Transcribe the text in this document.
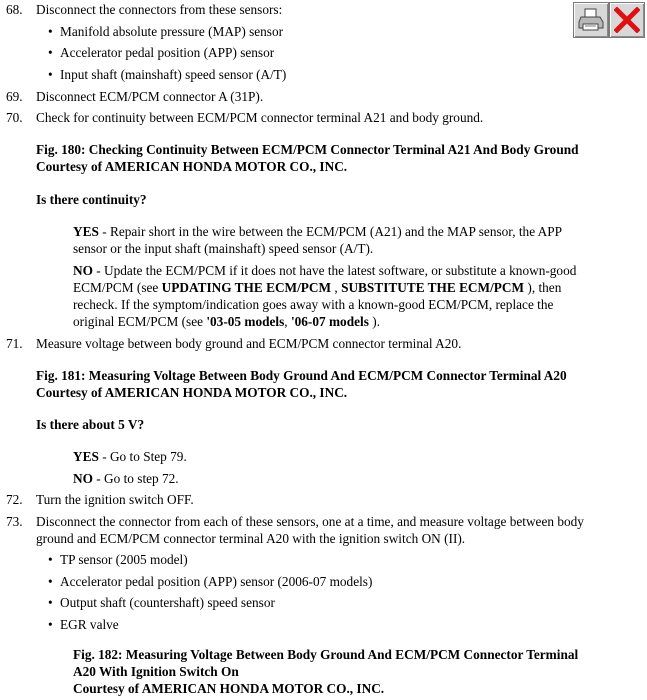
68. Disconnect the connectors from these sensors:
• Manifold absolute pressure (MAP) sensor
• Accelerator pedal position (APP) sensor
• Input shaft (mainshaft) speed sensor (A/T)
69. Disconnect ECM/PCM connector A (31P).
70. Check for continuity between ECM/PCM connector terminal A21 and body ground.
Fig. 180: Checking Continuity Between ECM/PCM Connector Terminal A21 And Body Ground
Courtesy of AMERICAN HONDA MOTOR CO., INC.
Is there continuity?
YES - Repair short in the wire between the ECM/PCM (A21) and the MAP sensor, the APP
sensor or the input shaft (mainshaft) speed sensor (A/T).
NO - Update the ECM/PCM if it does not have the latest software, or substitute a known-good
ECM/PCM (see UPDATING THE ECM/PCM , SUBSTITUTE THE ECM/PCM ), then
recheck. If the symptom/indication goes away with a known-good ECM/PCM, replace the
original ECM/PCM (see '03-05 models, '06-07 models ).
71. Measure voltage between body ground and ECM/PCM connector terminal A20.
Fig. 181: Measuring Voltage Between Body Ground And ECM/PCM Connector Terminal A20
Courtesy of AMERICAN HONDA MOTOR CO., INC.
Is there about 5 V?
YES - Go to Step 79.
NO - Go to step 72.
72. Turn the ignition switch OFF.
73. Disconnect the connector from each of these sensors, one at a time, and measure voltage between body
ground and ECM/PCM connector terminal A20 with the ignition switch ON (II).
• TP sensor (2005 model)
• Accelerator pedal position (APP) sensor (2006-07 models)
• Output shaft (countershaft) speed sensor
• EGR valve
Fig. 182: Measuring Voltage Between Body Ground And ECM/PCM Connector Terminal
A20 With Ignition Switch On
Courtesy of AMERICAN HONDA MOTOR CO., INC.
